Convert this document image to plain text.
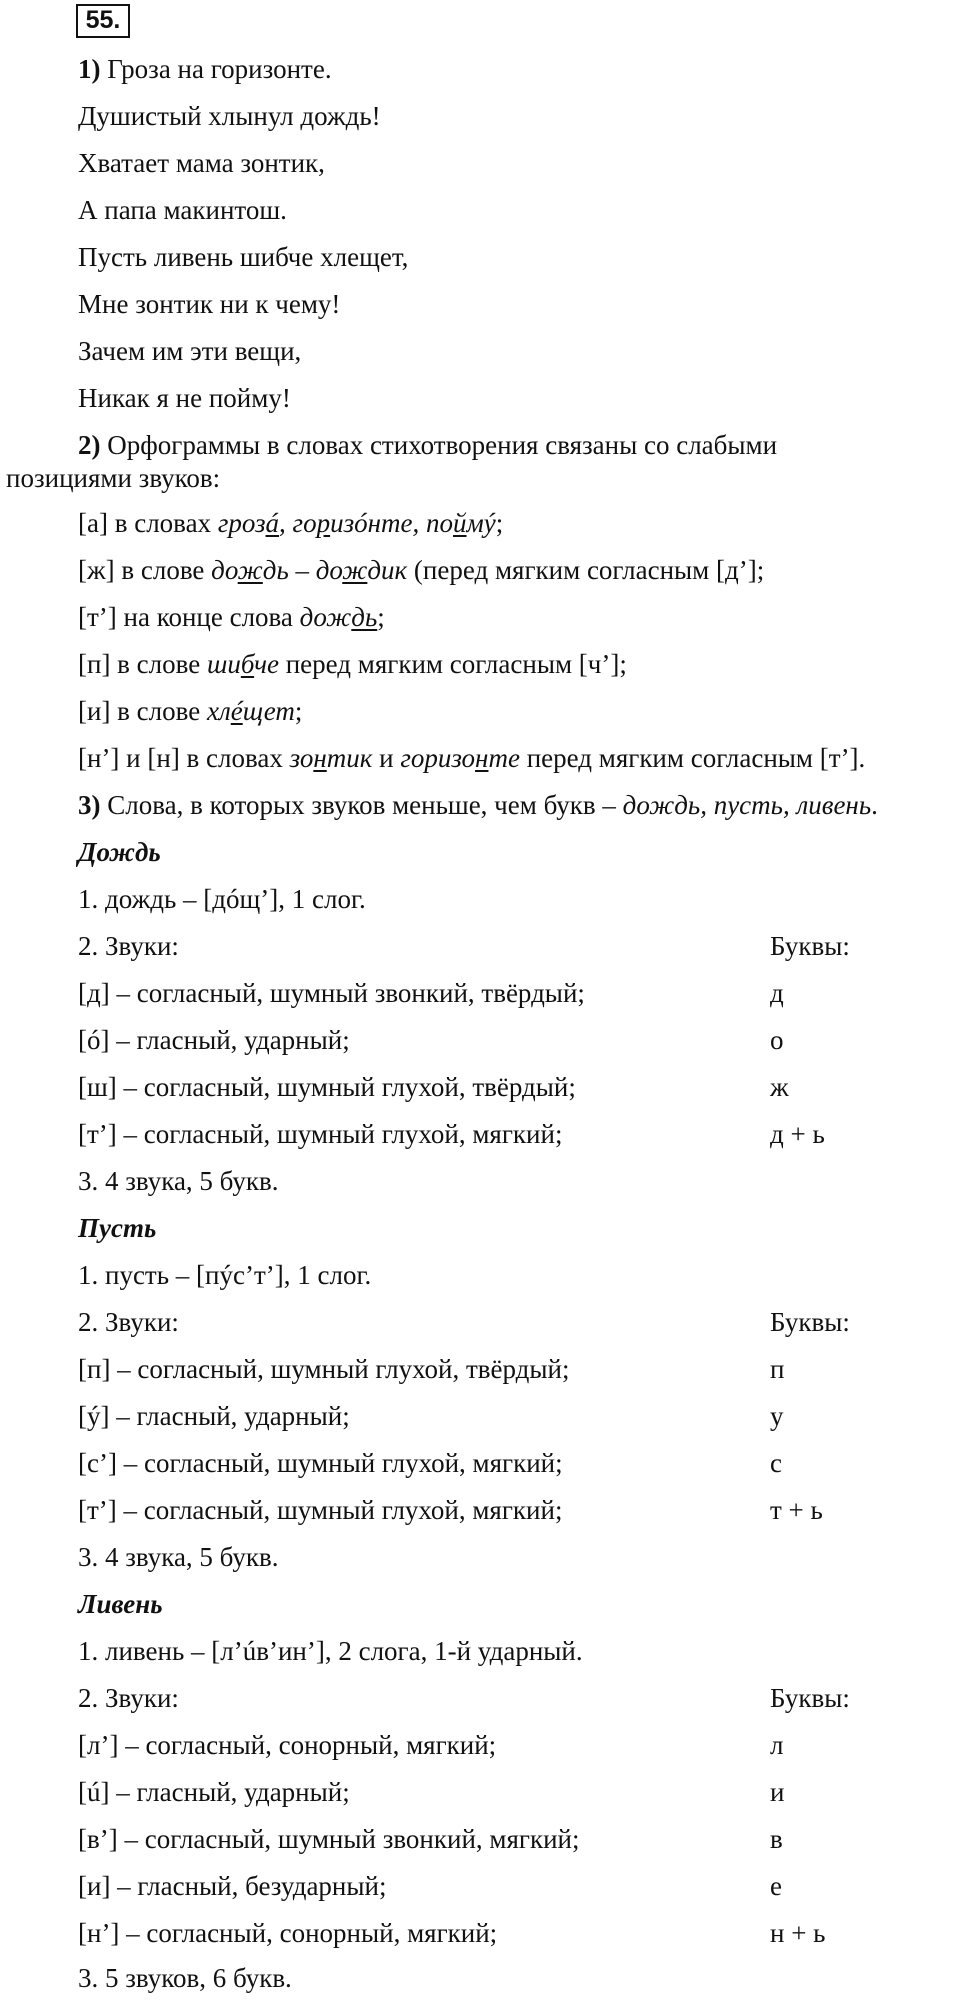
55.
1) Гроза на горизонте.
Душистый хлынул дождь!
Хватает мама зонтик,
А папа макинтош.
Пусть ливень шибче хлещет,
Мне зонтик ни к чему!
Зачем им эти вещи,
Никак я не пойму!
2) Орфограммы в словах стихотворения связаны со слабыми
позициями звуков:
[а] в словах грозá, горизóнте, поймý;
[ж] в слове дождь – дождик (перед мягким согласным [д’];
[т’] на конце слова дождь;
[п] в слове шибче перед мягким согласным [ч’];
[и] в слове хлéщет;
[н’] и [н] в словах зонтик и горизонте перед мягким согласным [т’].
3) Слова, в которых звуков меньше, чем букв – дождь, пусть, ливень.
Дождь
1. дождь – [дóщ’], 1 слог.
2. Звуки:	Буквы:
[д] – согласный, шумный звонкий, твёрдый;	д
[ó] – гласный, ударный;	о
[ш] – согласный, шумный глухой, твёрдый;	ж
[т’] – согласный, шумный глухой, мягкий;	д + ь
3. 4 звука, 5 букв.
Пусть
1. пусть – [пýс’т’], 1 слог.
2. Звуки:	Буквы:
[п] – согласный, шумный глухой, твёрдый;	п
[ý] – гласный, ударный;	у
[с’] – согласный, шумный глухой, мягкий;	с
[т’] – согласный, шумный глухой, мягкий;	т + ь
3. 4 звука, 5 букв.
Ливень
1. ливень – [л’úв’ин’], 2 слога, 1-й ударный.
2. Звуки:	Буквы:
[л’] – согласный, сонорный, мягкий;	л
[ú] – гласный, ударный;	и
[в’] – согласный, шумный звонкий, мягкий;	в
[и] – гласный, безударный;	е
[н’] – согласный, сонорный, мягкий;	н + ь
3. 5 звуков, 6 букв.
